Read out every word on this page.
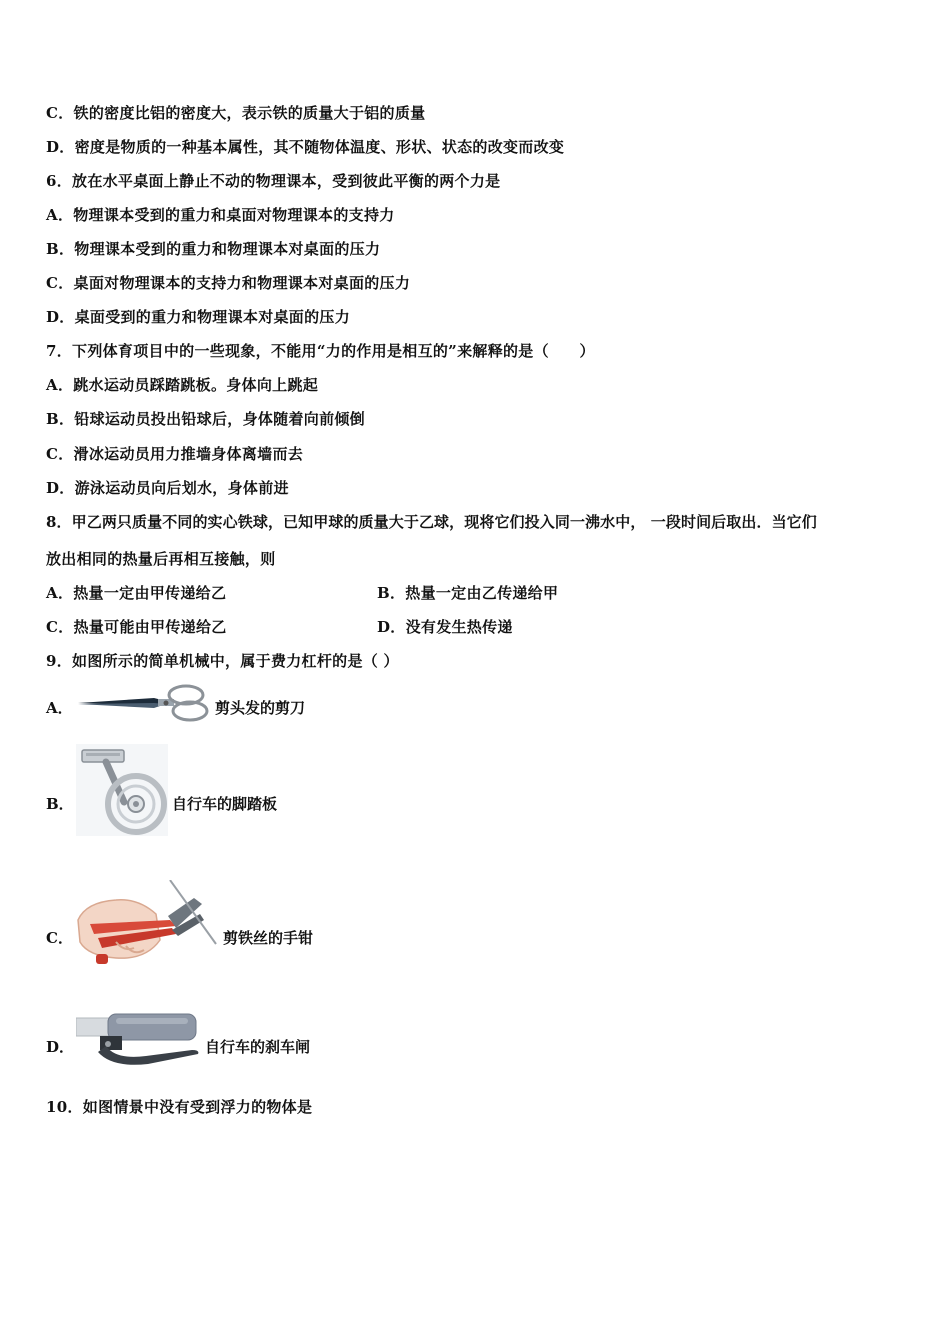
C．铁的密度比铝的密度大，表示铁的质量大于铝的质量
D．密度是物质的一种基本属性，其不随物体温度、形状、状态的改变而改变
6．放在水平桌面上静止不动的物理课本，受到彼此平衡的两个力是
A．物理课本受到的重力和桌面对物理课本的支持力
B．物理课本受到的重力和物理课本对桌面的压力
C．桌面对物理课本的支持力和物理课本对桌面的压力
D．桌面受到的重力和物理课本对桌面的压力
7．下列体育项目中的一些现象，不能用“力的作用是相互的”来解释的是（　　）
A．跳水运动员踩踏跳板。身体向上跳起
B．铅球运动员投出铅球后，身体随着向前倾倒
C．滑冰运动员用力推墙身体离墙而去
D．游泳运动员向后划水，身体前进
8．甲乙两只质量不同的实心铁球，已知甲球的质量大于乙球，现将它们投入同一沸水中， 一段时间后取出．当它们
放出相同的热量后再相互接触，则
A．热量一定由甲传递给乙	B．热量一定由乙传递给甲
C．热量可能由甲传递给乙	D．没有发生热传递
9．如图所示的简单机械中，属于费力杠杆的是（ ）
A．	剪头发的剪刀
B．	自行车的脚踏板
C．	剪铁丝的手钳
D．	自行车的刹车闸
10．如图情景中没有受到浮力的物体是
